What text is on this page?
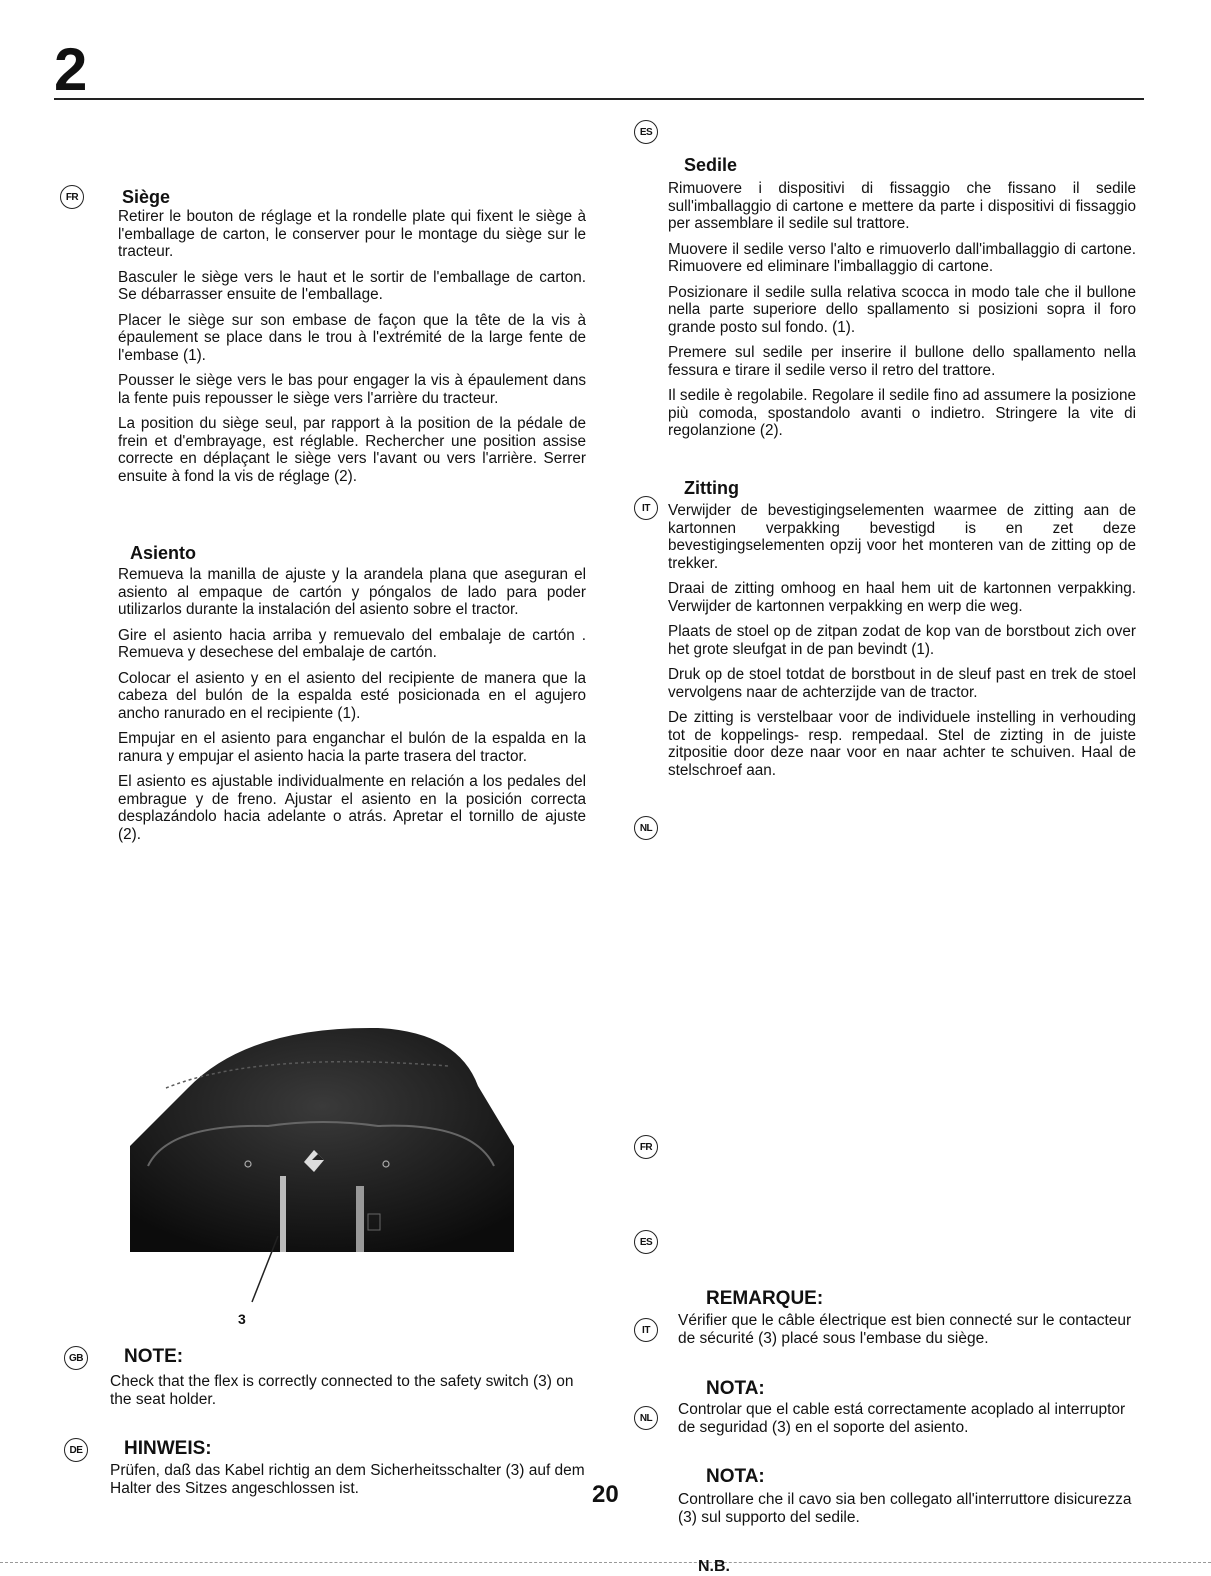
2
FR	Siège

Retirer le bouton de réglage et la rondelle plate qui fixent le siège à l'emballage de carton, le conserver pour le montage du siège sur le tracteur.

Basculer le siège vers le haut et le sortir de l'emballage de carton. Se débarrasser ensuite de l'emballage.

Placer le siège sur son embase de façon que la tête de la vis à épaulement se place dans le trou à l'extrémité de la large fente de l'embase (1).

Pousser le siège vers le bas pour engager la vis à épaulement dans la fente puis repousser le siège vers l'arrière du tracteur.

La position du siège seul, par rapport à la position de la pédale de frein et d'embrayage, est réglable. Rechercher une position assise correcte en déplaçant le siège vers l'avant ou vers l'arrière. Serrer ensuite à fond la vis de réglage (2).

Asiento

Remueva la manilla de ajuste y la arandela plana que aseguran el asiento al empaque de cartón y póngalos de lado para poder utilizarlos durante la instalación del asiento sobre el tractor.

Gire el asiento hacia arriba y remuevalo del embalaje de cartón . Remueva y desechese del embalaje de cartón.

Colocar el asiento y en el asiento del recipiente de manera que la cabeza del bulón de la espalda esté posicionada en el agujero ancho ranurado en el recipiente (1).

Empujar en el asiento para enganchar el bulón de la espalda en la ranura y empujar el asiento hacia la parte trasera del tractor.

El asiento es ajustable individualmente en relación a los pedales del embrague y de freno. Ajustar el asiento en la posición correcta desplazándolo hacia adelante o atrás. Apretar el tornillo de ajuste (2).

ES
Sedile

Rimuovere i dispositivi di fissaggio che fissano il sedile sull'imballaggio di cartone e mettere da parte i dispositivi di fissaggio per assemblare il sedile sul trattore.

Muovere il sedile verso l'alto e rimuoverlo dall'imballaggio di cartone. Rimuovere ed eliminare l'imballaggio di cartone.

Posizionare il sedile sulla relativa scocca in modo tale che il bullone nella parte superiore dello spallamento si posizioni sopra il foro grande posto sul fondo. (1).

Premere sul sedile per inserire il bullone dello spallamento nella fessura e tirare il sedile verso il retro del trattore.

Il sedile è regolabile. Regolare il sedile fino ad assumere la posizione più comoda, spostandolo avanti o indietro. Stringere la vite di regolanzione (2).

Zitting
IT	Verwijder de bevestigingselementen waarmee de zitting aan de kartonnen verpakking bevestigd is en zet deze bevestigingselementen opzij voor het monteren van de zitting op de trekker.

Draai de zitting omhoog en haal hem uit de kartonnen verpakking. Verwijder de kartonnen verpakking en werp die weg.

Plaats de stoel op de zitpan zodat de kop van de borstbout zich over het grote sleufgat in de pan bevindt (1).

Druk op de stoel totdat de borstbout in de sleuf past en trek de stoel vervolgens naar de achterzijde van de tractor.

De zitting is verstelbaar voor de individuele instelling in verhouding tot de koppelings- resp. rempedaal. Stel de zizting in de juiste zitpositie door deze naar voor en naar achter te schuiven. Haal de stelschroef aan.

NL
3
GB NOTE:
Check that the flex is correctly connected to the safety switch (3) on the seat holder.
DE HINWEIS:
Prüfen, daß das Kabel richtig an dem Sicherheitsschalter (3) auf dem Halter des Sitzes angeschlossen ist.
FR
ES
REMARQUE:
IT
Vérifier que le câble électrique est bien connecté sur le contacteur de sécurité (3) placé sous l'embase du siège.
NOTA:
NL
Controlar que el cable está correctamente acoplado al interruptor de seguridad (3) en el soporte del asiento.
NOTA:
Controllare che il cavo sia ben collegato all'interruttore disicurezza (3) sul supporto del sedile.
20
N.B.
